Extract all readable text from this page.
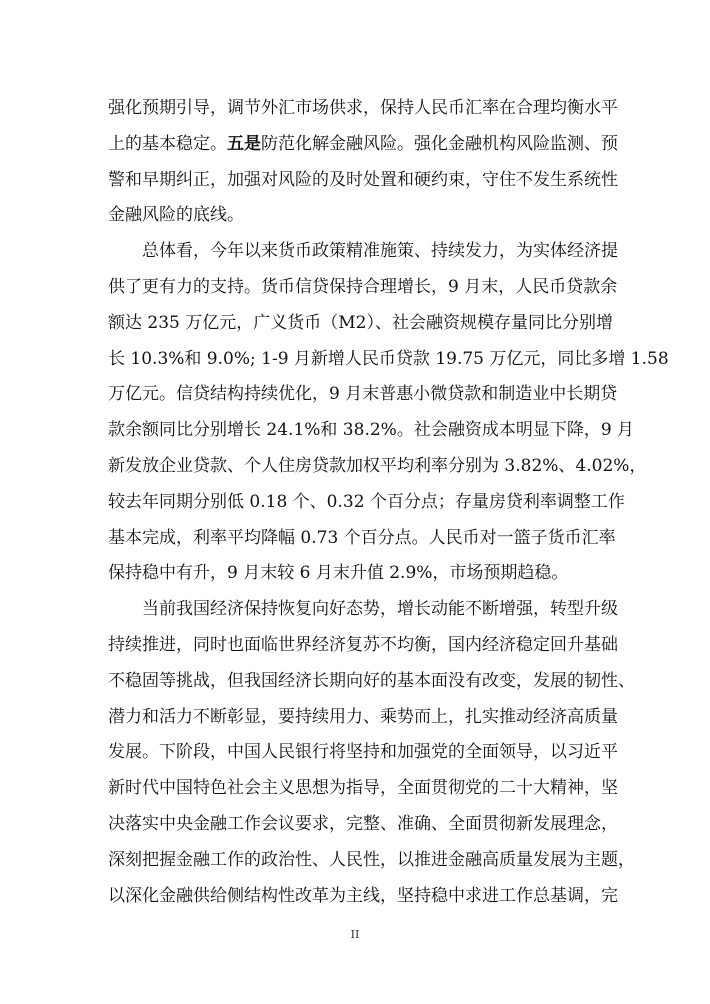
强化预期引导，调节外汇市场供求，保持人民币汇率在合理均衡水平
上的基本稳定。五是防范化解金融风险。强化金融机构风险监测、预
警和早期纠正，加强对风险的及时处置和硬约束，守住不发生系统性
金融风险的底线。
总体看，今年以来货币政策精准施策、持续发力，为实体经济提
供了更有力的支持。货币信贷保持合理增长，9 月末，人民币贷款余
额达 235 万亿元，广义货币（M2）、社会融资规模存量同比分别增
长 10.3%和 9.0%; 1-9 月新增人民币贷款 19.75 万亿元，同比多增 1.58
万亿元。信贷结构持续优化，9 月末普惠小微贷款和制造业中长期贷
款余额同比分别增长 24.1%和 38.2%。社会融资成本明显下降，9 月
新发放企业贷款、个人住房贷款加权平均利率分别为 3.82%、4.02%，
较去年同期分别低 0.18 个、0.32 个百分点；存量房贷利率调整工作
基本完成，利率平均降幅 0.73 个百分点。人民币对一篮子货币汇率
保持稳中有升，9 月末较 6 月末升值 2.9%，市场预期趋稳。
当前我国经济保持恢复向好态势，增长动能不断增强，转型升级
持续推进，同时也面临世界经济复苏不均衡，国内经济稳定回升基础
不稳固等挑战，但我国经济长期向好的基本面没有改变，发展的韧性、
潜力和活力不断彰显，要持续用力、乘势而上，扎实推动经济高质量
发展。下阶段，中国人民银行将坚持和加强党的全面领导，以习近平
新时代中国特色社会主义思想为指导，全面贯彻党的二十大精神，坚
决落实中央金融工作会议要求，完整、准确、全面贯彻新发展理念，
深刻把握金融工作的政治性、人民性，以推进金融高质量发展为主题，
以深化金融供给侧结构性改革为主线，坚持稳中求进工作总基调，完
II
